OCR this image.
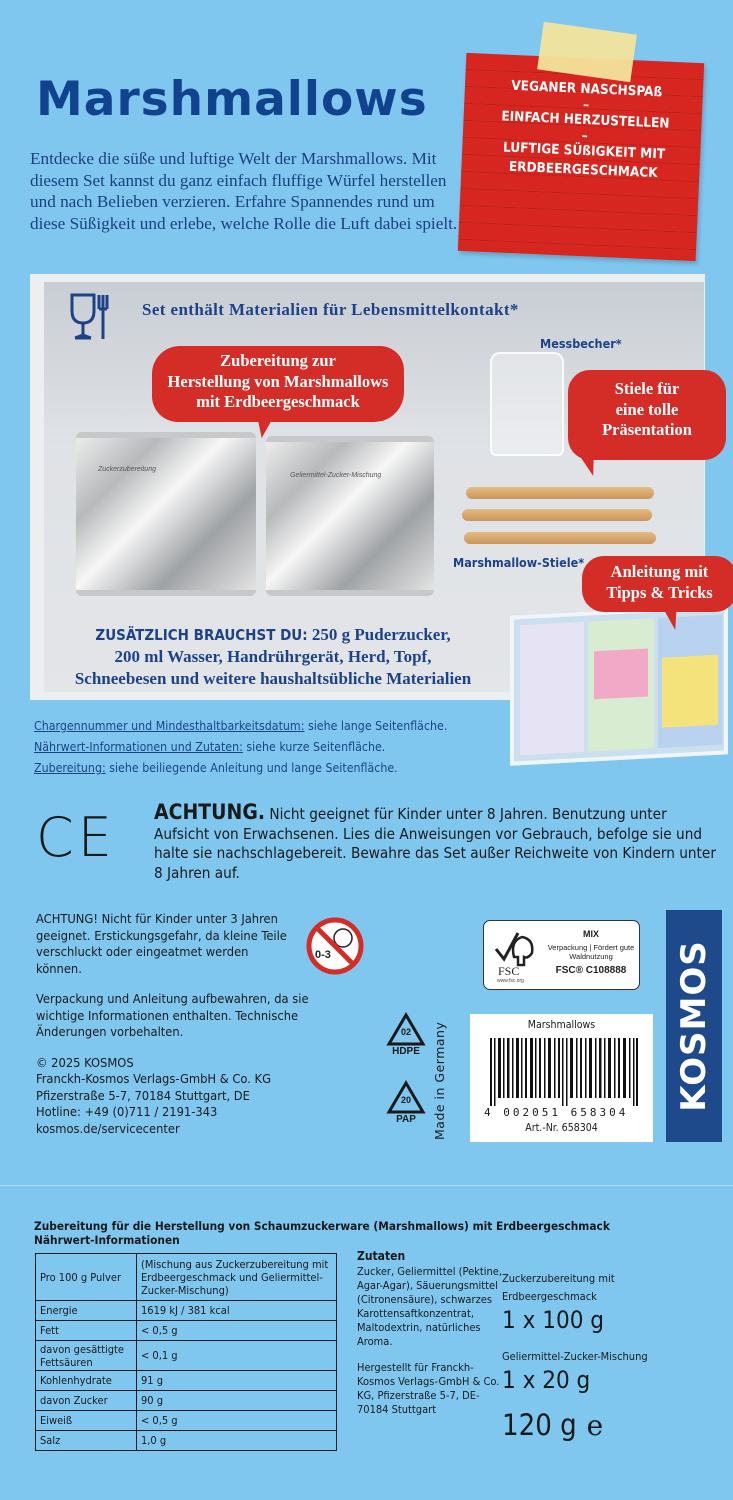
Marshmallows

Entdecke die süße und luftige Welt der Marshmallows. Mit diesem Set kannst du ganz einfach fluffige Würfel herstellen und nach Belieben verzieren. Erfahre Spannendes rund um diese Süßigkeit und erlebe, welche Rolle die Luft dabei spielt.

VEGANER NASCHSPAß
–
EINFACH HERZUSTELLEN
–
LUFTIGE SÜßIGKEIT MIT ERDBEERGESCHMACK
Set enthält Materialien für Lebensmittelkontakt*
Messbecher*
Marshmallow-Stiele*
Zuckerzubereitung
Geliermittel-Zucker-Mischung
Zubereitung zur
Herstellung von Marshmallows
mit Erdbeergeschmack
Stiele für
eine tolle
Präsentation
ZUSÄTZLICH BRAUCHST DU: 250 g Puderzucker,
200 ml Wasser, Handrührgerät, Herd, Topf,
Schneebesen und weitere haushaltsübliche Materialien
Anleitung mit
Tipps & Tricks
Chargennummer und Mindesthaltbarkeitsdatum: siehe lange Seitenfläche.
Nährwert-Informationen und Zutaten: siehe kurze Seitenfläche.
Zubereitung: siehe beiliegende Anleitung und lange Seitenfläche.
CE ACHTUNG. Nicht geeignet für Kinder unter 8 Jahren. Benutzung unter Aufsicht von Erwachsenen. Lies die Anweisungen vor Gebrauch, befolge sie und halte sie nachschlagebereit. Bewahre das Set außer Reichweite von Kindern unter 8 Jahren auf.

ACHTUNG! Nicht für Kinder unter 3 Jahren geeignet. Erstickungsgefahr, da kleine Teile verschluckt oder eingeatmet werden können.

Verpackung und Anleitung aufbewahren, da sie wichtige Informationen enthalten. Technische Änderungen vorbehalten.

© 2025 KOSMOS
Franckh-Kosmos Verlags-GmbH & Co. KG
Pfizerstraße 5-7, 70184 Stuttgart, DE
Hotline: +49 (0)711 / 2191-343
kosmos.de/servicecenter
0-3
FSC
www.fsc.org
MIX
Verpackung | Fördert gute Waldnutzung
FSC® C108888
02
HDPE
20
PAP	Made in Germany	Marshmallows
4 002051 658304
Art.-Nr. 658304
KOSMOS
Zubereitung für die Herstellung von Schaumzuckerware (Marshmallows) mit Erdbeergeschmack
Nährwert-Informationen
Pro 100 g Pulver	(Mischung aus Zuckerzubereitung mit Erdbeergeschmack und Geliermittel-Zucker-Mischung)
Energie	1619 kJ / 381 kcal
Fett	< 0,5 g
davon gesättigte Fettsäuren	< 0,1 g
Kohlenhydrate	91 g
davon Zucker	90 g
Eiweiß	< 0,5 g
Salz	1,0 g
Zutaten

Zucker, Geliermittel (Pektine, Agar-Agar), Säuerungsmittel (Citronensäure), schwarzes Karottensaftkonzentrat, Maltodextrin, natürliches Aroma.

Hergestellt für Franckh-Kosmos Verlags-GmbH & Co. KG, Pfizerstraße 5-7, DE-70184 Stuttgart

Zuckerzubereitung mit Erdbeergeschmack
1 x 100 g
Geliermittel-Zucker-Mischung
1 x 20 g
120 g e
